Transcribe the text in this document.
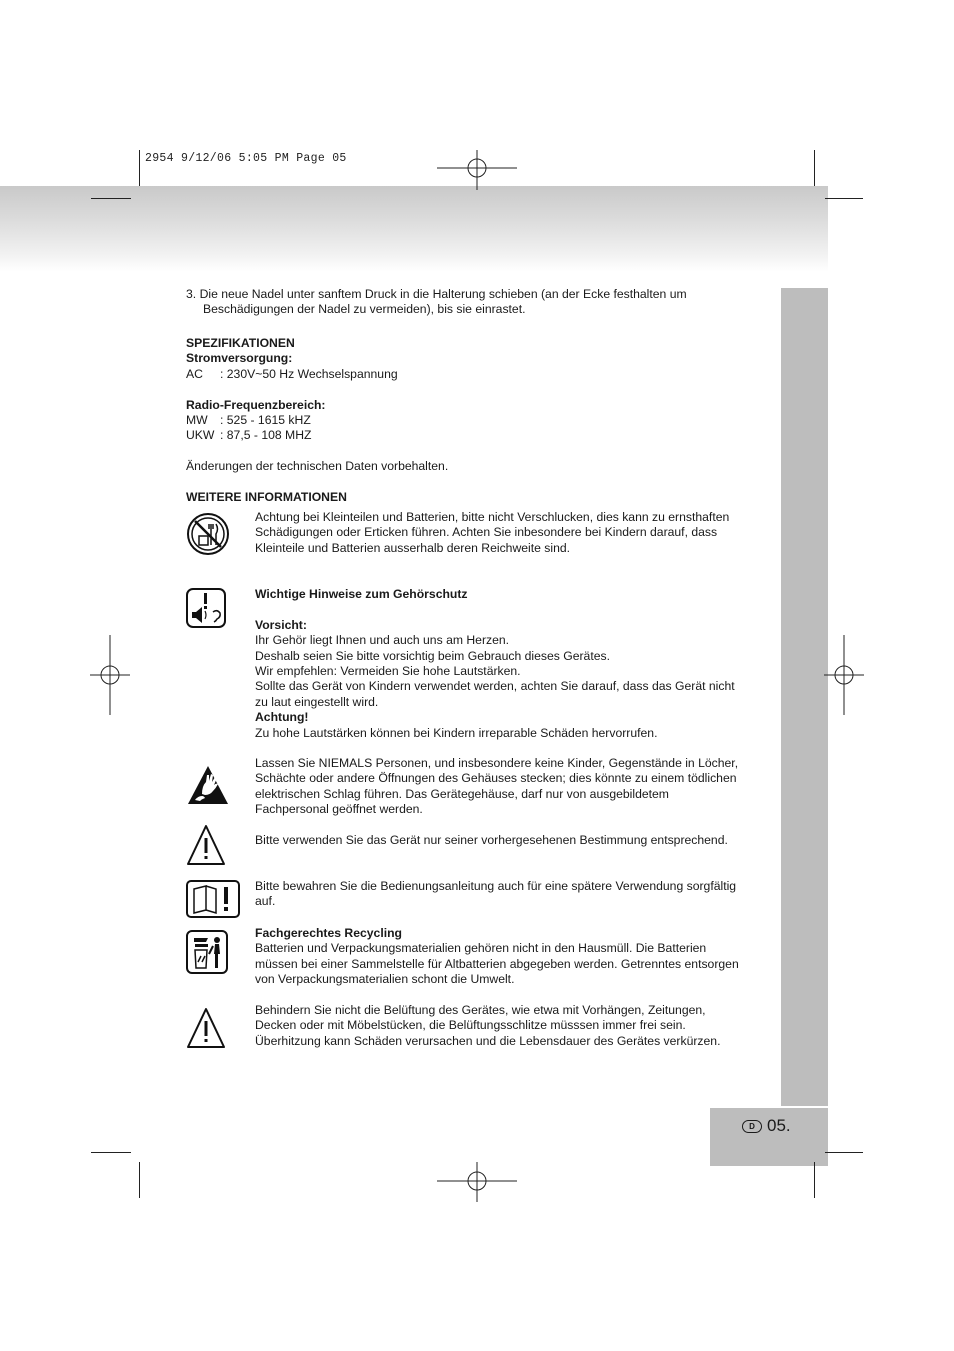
2954 9/12/06 5:05 PM Page 05
D 05.
3. Die neue Nadel unter sanftem Druck in die Halterung schieben (an der Ecke festhalten um
Beschädigungen der Nadel zu vermeiden), bis sie einrastet.
SPEZIFIKATIONEN
Stromversorgung:
AC	: 230V~50 Hz Wechselspannung
Radio-Frequenzbereich:
MW	: 525 - 1615 kHZ
UKW : 87,5 - 108 MHZ
Änderungen der technischen Daten vorbehalten.
WEITERE INFORMATIONEN
Achtung bei Kleinteilen und Batterien, bitte nicht Verschlucken, dies kann zu ernsthaften
Schädigungen oder Erticken führen. Achten Sie inbesondere bei Kindern darauf, dass
Kleinteile und Batterien ausserhalb deren Reichweite sind.
Wichtige Hinweise zum Gehörschutz
Vorsicht:
Ihr Gehör liegt Ihnen und auch uns am Herzen.
Deshalb seien Sie bitte vorsichtig beim Gebrauch dieses Gerätes.
Wir empfehlen: Vermeiden Sie hohe Lautstärken.
Sollte das Gerät von Kindern verwendet werden, achten Sie darauf, dass das Gerät nicht
zu laut eingestellt wird.
Achtung!
Zu hohe Lautstärken können bei Kindern irreparable Schäden hervorrufen.
Lassen Sie NIEMALS Personen, und insbesondere keine Kinder, Gegenstände in Löcher,
Schächte oder andere Öffnungen des Gehäuses stecken; dies könnte zu einem tödlichen
elektrischen Schlag führen. Das Gerätegehäuse, darf nur von ausgebildetem
Fachpersonal geöffnet werden.
Bitte verwenden Sie das Gerät nur seiner vorhergesehenen Bestimmung entsprechend.
Bitte bewahren Sie die Bedienungsanleitung auch für eine spätere Verwendung sorgfältig
auf.
Fachgerechtes Recycling
Batterien und Verpackungsmaterialien gehören nicht in den Hausmüll. Die Batterien
müssen bei einer Sammelstelle für Altbatterien abgegeben werden. Getrenntes entsorgen
von Verpackungsmaterialien schont die Umwelt.
Behindern Sie nicht die Belüftung des Gerätes, wie etwa mit Vorhängen, Zeitungen,
Decken oder mit Möbelstücken, die Belüftungsschlitze müsssen immer frei sein.
Überhitzung kann Schäden verursachen und die Lebensdauer des Gerätes verkürzen.
